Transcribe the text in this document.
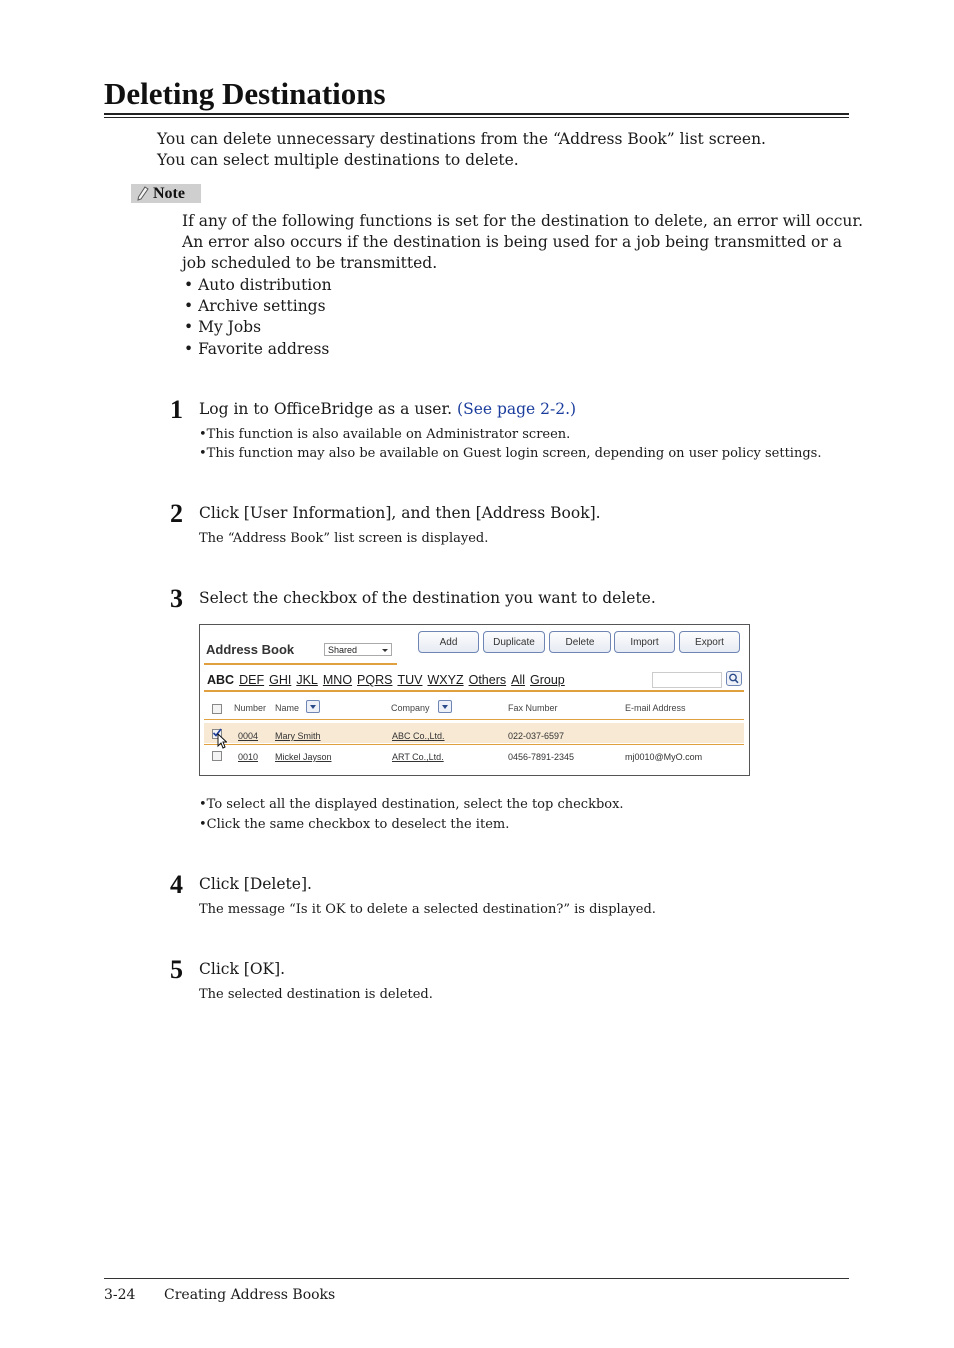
Deleting Destinations
You can delete unnecessary destinations from the “Address Book” list screen.
You can select multiple destinations to delete.
Note
If any of the following functions is set for the destination to delete, an error will occur.
An error also occurs if the destination is being used for a job being transmitted or a
job scheduled to be transmitted.
• Auto distribution
• Archive settings
• My Jobs
• Favorite address
1 Log in to OfficeBridge as a user. (See page 2-2.)
•This function is also available on Administrator screen.
•This function may also be available on Guest login screen, depending on user policy settings.
2 Click [User Information], and then [Address Book].
The “Address Book” list screen is displayed.
3 Select the checkbox of the destination you want to delete.
Address Book	Shared
Add	Duplicate	Delete	Import	Export
ABC DEF GHI JKL MNO PQRS TUV WXYZ Others All Group
Number Name	Company	Fax Number	E-mail Address
0004 Mary Smith	ABC Co.,Ltd.	022-037-6597
0010 Mickel Jayson	ART Co.,Ltd.	0456-7891-2345	mj0010@MyO.com
•To select all the displayed destination, select the top checkbox.
•Click the same checkbox to deselect the item.
4 Click [Delete].
The message “Is it OK to delete a selected destination?” is displayed.
5 Click [OK].
The selected destination is deleted.
3-24 Creating Address Books
